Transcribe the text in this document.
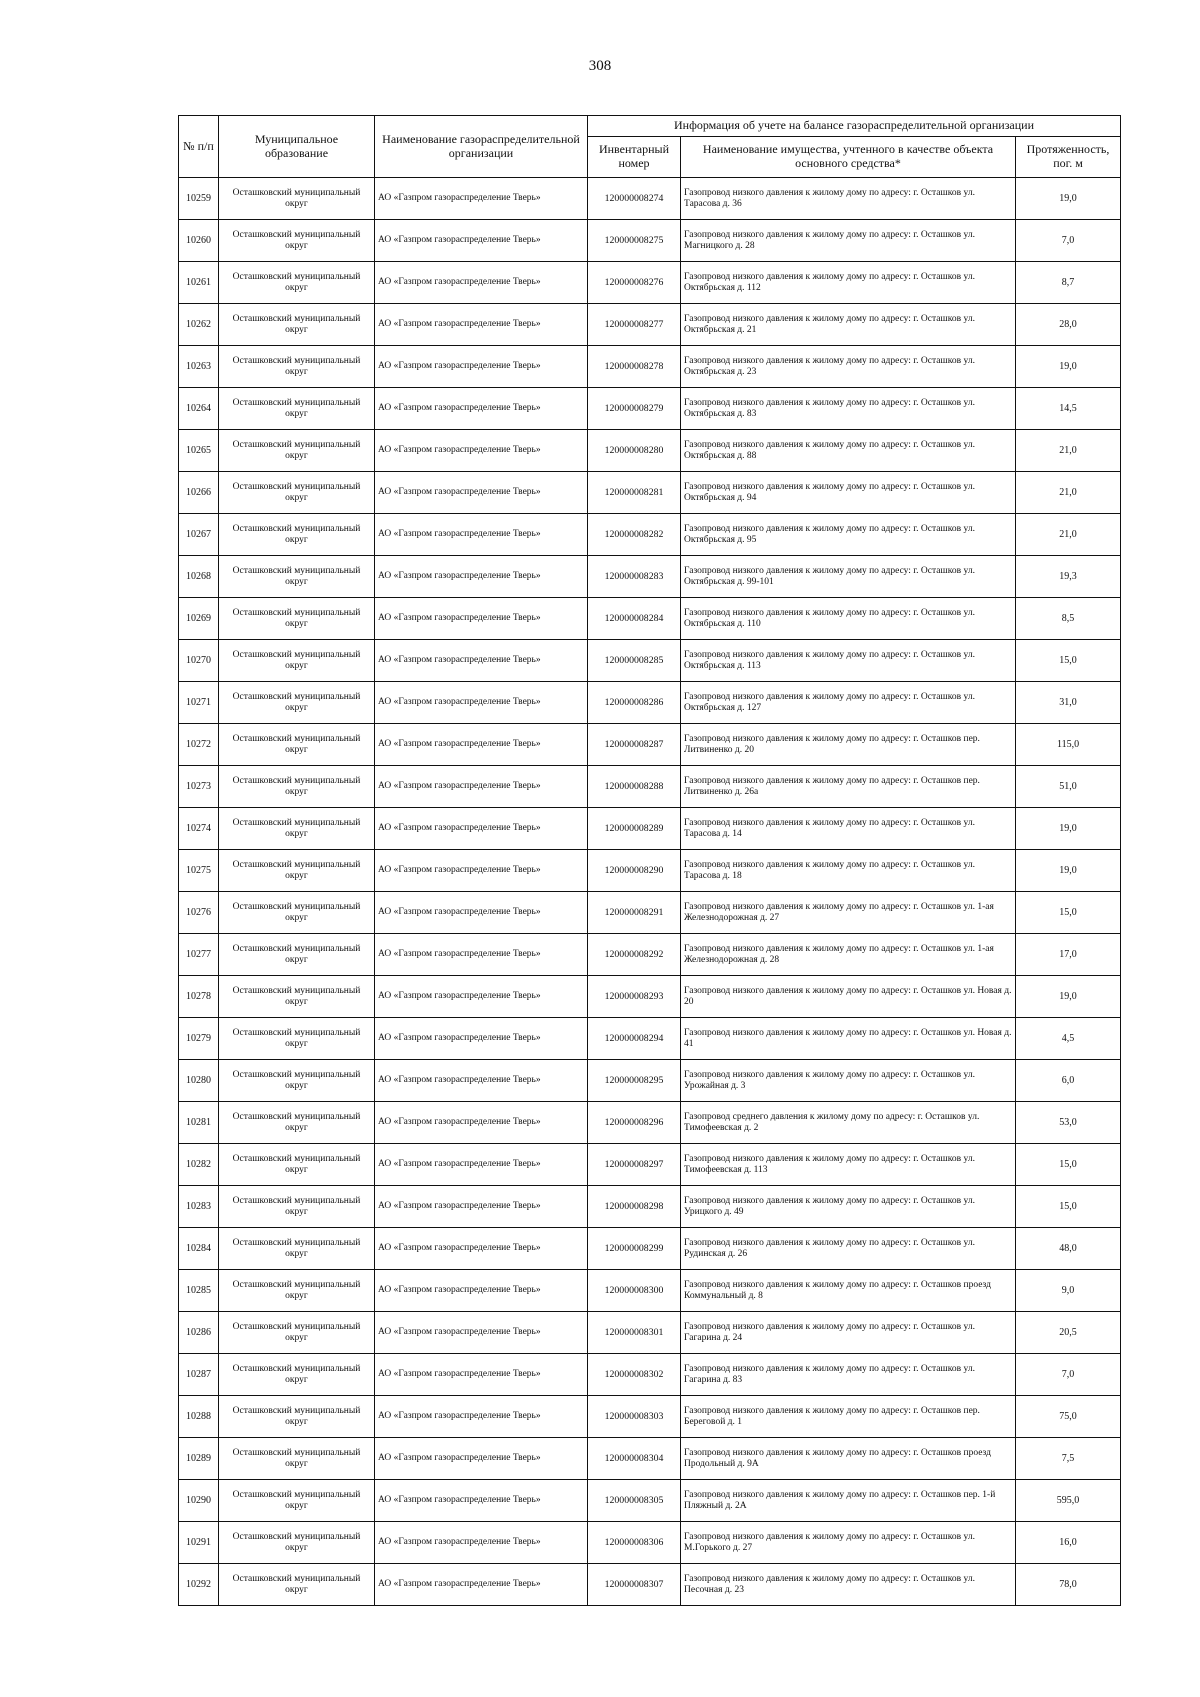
308
№ п/п	Муниципальное образование	Наименование газораспределительной организации	Информация об учете на балансе газораспределительной организации		
			Инвентарный номер	Наименование имущества, учтенного в качестве объекта основного средства*	Протяженность, пог. м
10259	Осташковский муниципальный округ	АО «Газпром газораспределение Тверь»	120000008274	Газопровод низкого давления к жилому дому по адресу: г. Осташков ул. Тарасова д. 36	19,0
10260	Осташковский муниципальный округ	АО «Газпром газораспределение Тверь»	120000008275	Газопровод низкого давления к жилому дому по адресу: г. Осташков ул. Магницкого д. 28	7,0
10261	Осташковский муниципальный округ	АО «Газпром газораспределение Тверь»	120000008276	Газопровод низкого давления к жилому дому по адресу: г. Осташков ул. Октябрьская д. 112	8,7
10262	Осташковский муниципальный округ	АО «Газпром газораспределение Тверь»	120000008277	Газопровод низкого давления к жилому дому по адресу: г. Осташков ул. Октябрьская д. 21	28,0
10263	Осташковский муниципальный округ	АО «Газпром газораспределение Тверь»	120000008278	Газопровод низкого давления к жилому дому по адресу: г. Осташков ул. Октябрьская д. 23	19,0
10264	Осташковский муниципальный округ	АО «Газпром газораспределение Тверь»	120000008279	Газопровод низкого давления к жилому дому по адресу: г. Осташков ул. Октябрьская д. 83	14,5
10265	Осташковский муниципальный округ	АО «Газпром газораспределение Тверь»	120000008280	Газопровод низкого давления к жилому дому по адресу: г. Осташков ул. Октябрьская д. 88	21,0
10266	Осташковский муниципальный округ	АО «Газпром газораспределение Тверь»	120000008281	Газопровод низкого давления к жилому дому по адресу: г. Осташков ул. Октябрьская д. 94	21,0
10267	Осташковский муниципальный округ	АО «Газпром газораспределение Тверь»	120000008282	Газопровод низкого давления к жилому дому по адресу: г. Осташков ул. Октябрьская д. 95	21,0
10268	Осташковский муниципальный округ	АО «Газпром газораспределение Тверь»	120000008283	Газопровод низкого давления к жилому дому по адресу: г. Осташков ул. Октябрьская д. 99-101	19,3
10269	Осташковский муниципальный округ	АО «Газпром газораспределение Тверь»	120000008284	Газопровод низкого давления к жилому дому по адресу: г. Осташков ул. Октябрьская д. 110	8,5
10270	Осташковский муниципальный округ	АО «Газпром газораспределение Тверь»	120000008285	Газопровод низкого давления к жилому дому по адресу: г. Осташков ул. Октябрьская д. 113	15,0
10271	Осташковский муниципальный округ	АО «Газпром газораспределение Тверь»	120000008286	Газопровод низкого давления к жилому дому по адресу: г. Осташков ул. Октябрьская д. 127	31,0
10272	Осташковский муниципальный округ	АО «Газпром газораспределение Тверь»	120000008287	Газопровод низкого давления к жилому дому по адресу: г. Осташков пер. Литвиненко д. 20	115,0
10273	Осташковский муниципальный округ	АО «Газпром газораспределение Тверь»	120000008288	Газопровод низкого давления к жилому дому по адресу: г. Осташков пер. Литвиненко д. 26а	51,0
10274	Осташковский муниципальный округ	АО «Газпром газораспределение Тверь»	120000008289	Газопровод низкого давления к жилому дому по адресу: г. Осташков ул. Тарасова д. 14	19,0
10275	Осташковский муниципальный округ	АО «Газпром газораспределение Тверь»	120000008290	Газопровод низкого давления к жилому дому по адресу: г. Осташков ул. Тарасова д. 18	19,0
10276	Осташковский муниципальный округ	АО «Газпром газораспределение Тверь»	120000008291	Газопровод низкого давления к жилому дому по адресу: г. Осташков ул. 1-ая Железнодорожная д. 27	15,0
10277	Осташковский муниципальный округ	АО «Газпром газораспределение Тверь»	120000008292	Газопровод низкого давления к жилому дому по адресу: г. Осташков ул. 1-ая Железнодорожная д. 28	17,0
10278	Осташковский муниципальный округ	АО «Газпром газораспределение Тверь»	120000008293	Газопровод низкого давления к жилому дому по адресу: г. Осташков ул. Новая д. 20	19,0
10279	Осташковский муниципальный округ	АО «Газпром газораспределение Тверь»	120000008294	Газопровод низкого давления к жилому дому по адресу: г. Осташков ул. Новая д. 41	4,5
10280	Осташковский муниципальный округ	АО «Газпром газораспределение Тверь»	120000008295	Газопровод низкого давления к жилому дому по адресу: г. Осташков ул. Урожайная д. 3	6,0
10281	Осташковский муниципальный округ	АО «Газпром газораспределение Тверь»	120000008296	Газопровод среднего давления к жилому дому по адресу: г. Осташков ул. Тимофеевская д. 2	53,0
10282	Осташковский муниципальный округ	АО «Газпром газораспределение Тверь»	120000008297	Газопровод низкого давления к жилому дому по адресу: г. Осташков ул. Тимофеевская д. 113	15,0
10283	Осташковский муниципальный округ	АО «Газпром газораспределение Тверь»	120000008298	Газопровод низкого давления к жилому дому по адресу: г. Осташков ул. Урицкого д. 49	15,0
10284	Осташковский муниципальный округ	АО «Газпром газораспределение Тверь»	120000008299	Газопровод низкого давления к жилому дому по адресу: г. Осташков ул. Рудинская д. 26	48,0
10285	Осташковский муниципальный округ	АО «Газпром газораспределение Тверь»	120000008300	Газопровод низкого давления к жилому дому по адресу: г. Осташков проезд Коммунальный д. 8	9,0
10286	Осташковский муниципальный округ	АО «Газпром газораспределение Тверь»	120000008301	Газопровод низкого давления к жилому дому по адресу: г. Осташков ул. Гагарина д. 24	20,5
10287	Осташковский муниципальный округ	АО «Газпром газораспределение Тверь»	120000008302	Газопровод низкого давления к жилому дому по адресу: г. Осташков ул. Гагарина д. 83	7,0
10288	Осташковский муниципальный округ	АО «Газпром газораспределение Тверь»	120000008303	Газопровод низкого давления к жилому дому по адресу: г. Осташков пер. Береговой д. 1	75,0
10289	Осташковский муниципальный округ	АО «Газпром газораспределение Тверь»	120000008304	Газопровод низкого давления к жилому дому по адресу: г. Осташков проезд Продольный д. 9А	7,5
10290	Осташковский муниципальный округ	АО «Газпром газораспределение Тверь»	120000008305	Газопровод низкого давления к жилому дому по адресу: г. Осташков пер. 1-й Пляжный д. 2А	595,0
10291	Осташковский муниципальный округ	АО «Газпром газораспределение Тверь»	120000008306	Газопровод низкого давления к жилому дому по адресу: г. Осташков ул. М.Горького д. 27	16,0
10292	Осташковский муниципальный округ	АО «Газпром газораспределение Тверь»	120000008307	Газопровод низкого давления к жилому дому по адресу: г. Осташков ул. Песочная д. 23	78,0
